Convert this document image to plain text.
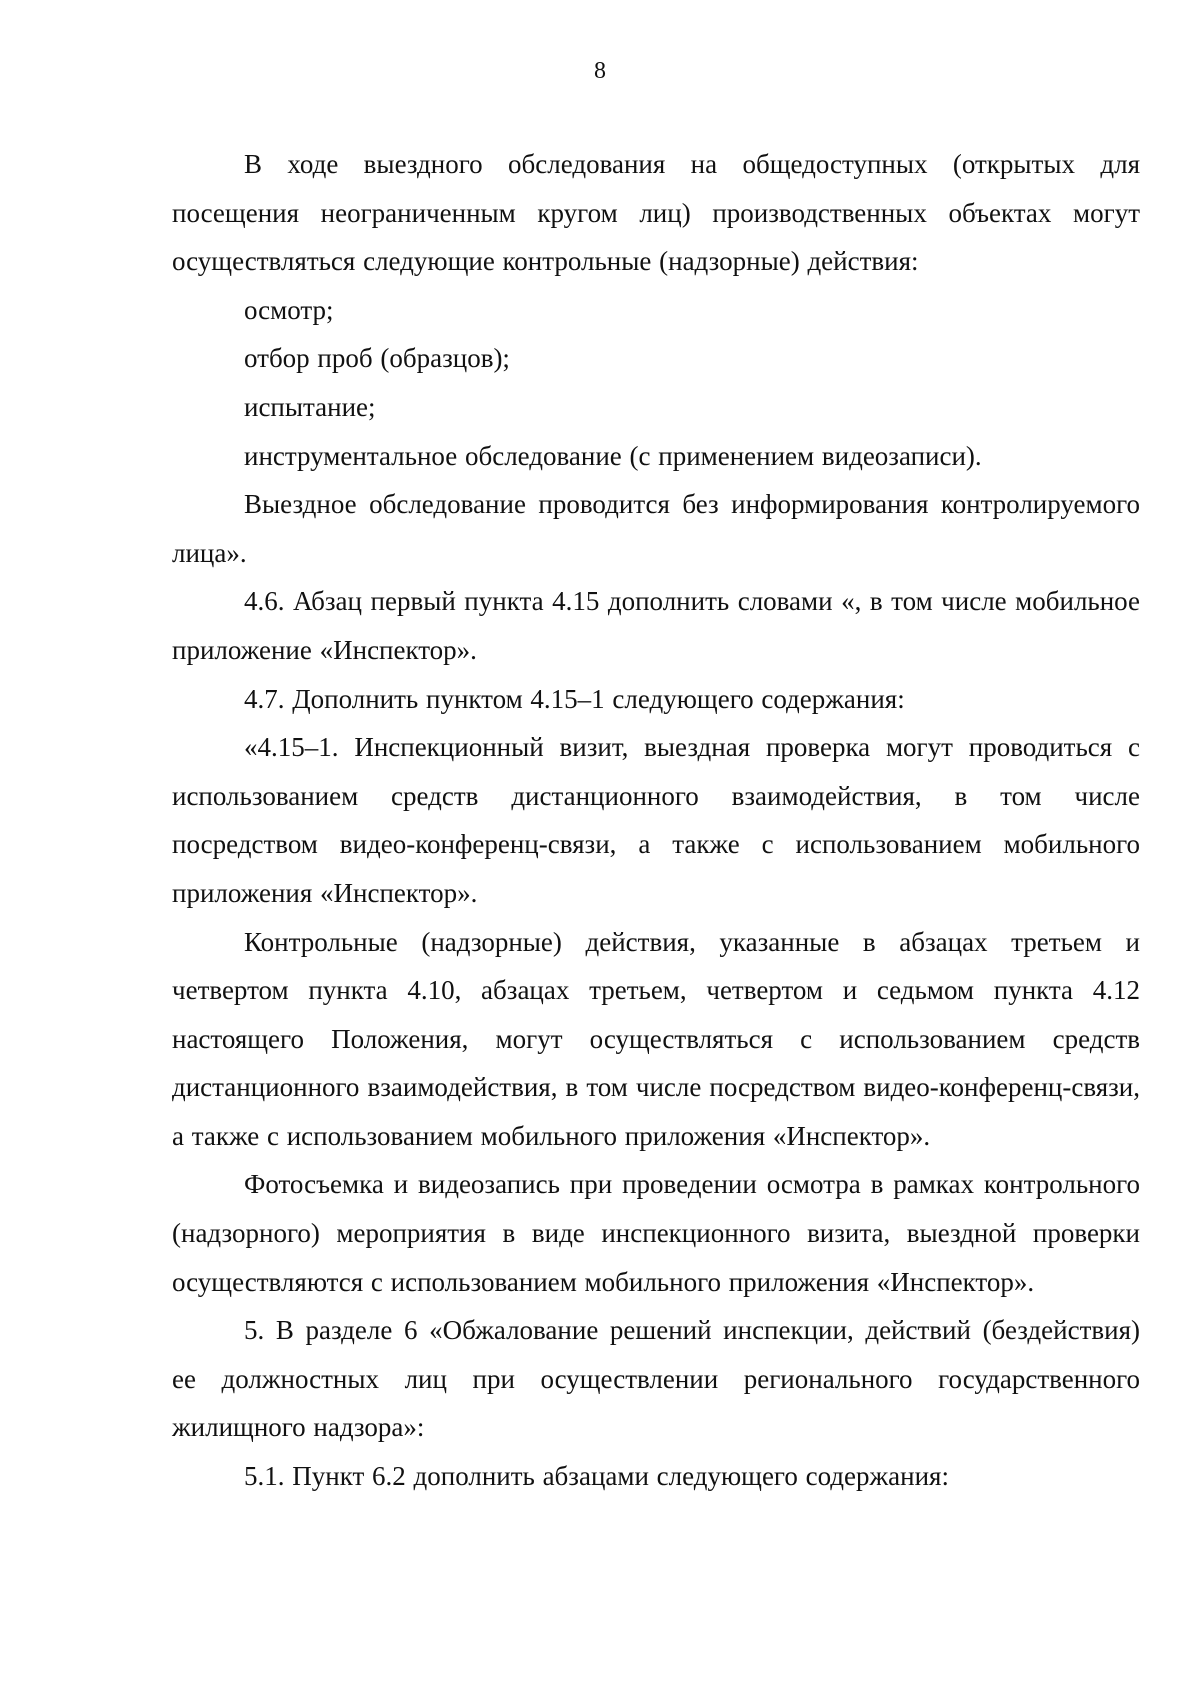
8

В ходе выездного обследования на общедоступных (открытых для посещения неограниченным кругом лиц) производственных объектах могут осуществляться следующие контрольные (надзорные) действия:

осмотр;

отбор проб (образцов);

испытание;

инструментальное обследование (с применением видеозаписи).

Выездное обследование проводится без информирования контролируемого лица».

4.6. Абзац первый пункта 4.15 дополнить словами «, в том числе мобильное приложение «Инспектор».

4.7. Дополнить пунктом 4.15–1 следующего содержания:

«4.15–1. Инспекционный визит, выездная проверка могут проводиться с использованием средств дистанционного взаимодействия, в том числе посредством видео-конференц-связи, а также с использованием мобильного приложения «Инспектор».

Контрольные (надзорные) действия, указанные в абзацах третьем и четвертом пункта 4.10, абзацах третьем, четвертом и седьмом пункта 4.12 настоящего Положения, могут осуществляться с использованием средств дистанционного взаимодействия, в том числе посредством видео-конференц-связи, а также с использованием мобильного приложения «Инспектор».

Фотосъемка и видеозапись при проведении осмотра в рамках контрольного (надзорного) мероприятия в виде инспекционного визита, выездной проверки осуществляются с использованием мобильного приложения «Инспектор».

5. В разделе 6 «Обжалование решений инспекции, действий (бездействия) ее должностных лиц при осуществлении регионального государственного жилищного надзора»:

5.1. Пункт 6.2 дополнить абзацами следующего содержания:
